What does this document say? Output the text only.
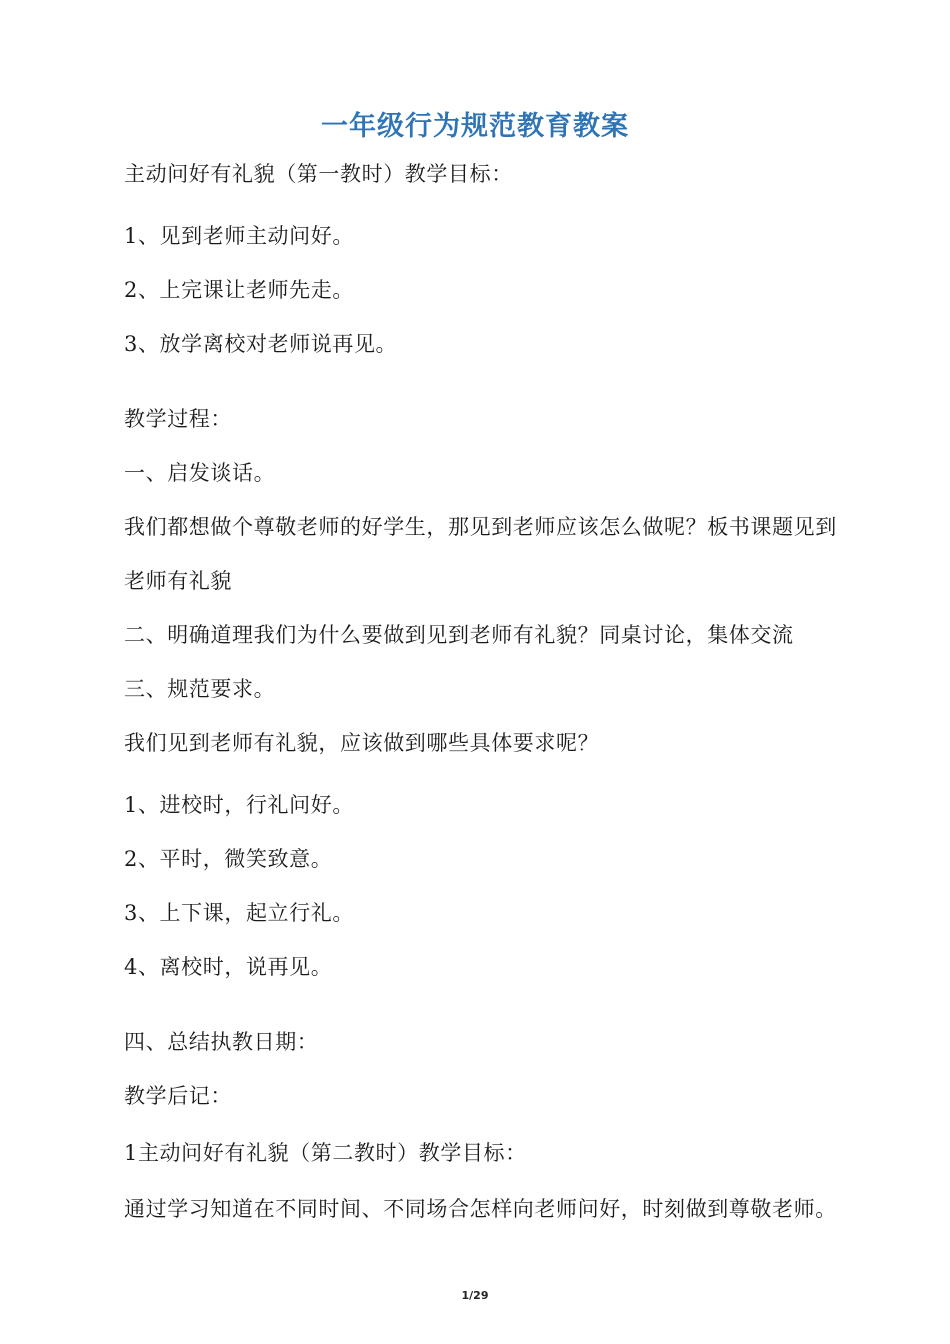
一年级行为规范教育教案
主动问好有礼貌（第一教时）教学目标：
1、见到老师主动问好。
2、上完课让老师先走。
3、放学离校对老师说再见。
教学过程：
一、启发谈话。
我们都想做个尊敬老师的好学生，那见到老师应该怎么做呢？板书课题见到
老师有礼貌
二、明确道理我们为什么要做到见到老师有礼貌？同桌讨论，集体交流
三、规范要求。
我们见到老师有礼貌，应该做到哪些具体要求呢？
1、进校时，行礼问好。
2、平时，微笑致意。
3、上下课，起立行礼。
4、离校时，说再见。
四、总结执教日期：
教学后记：
1主动问好有礼貌（第二教时）教学目标：
通过学习知道在不同时间、不同场合怎样向老师问好，时刻做到尊敬老师。
1/29
